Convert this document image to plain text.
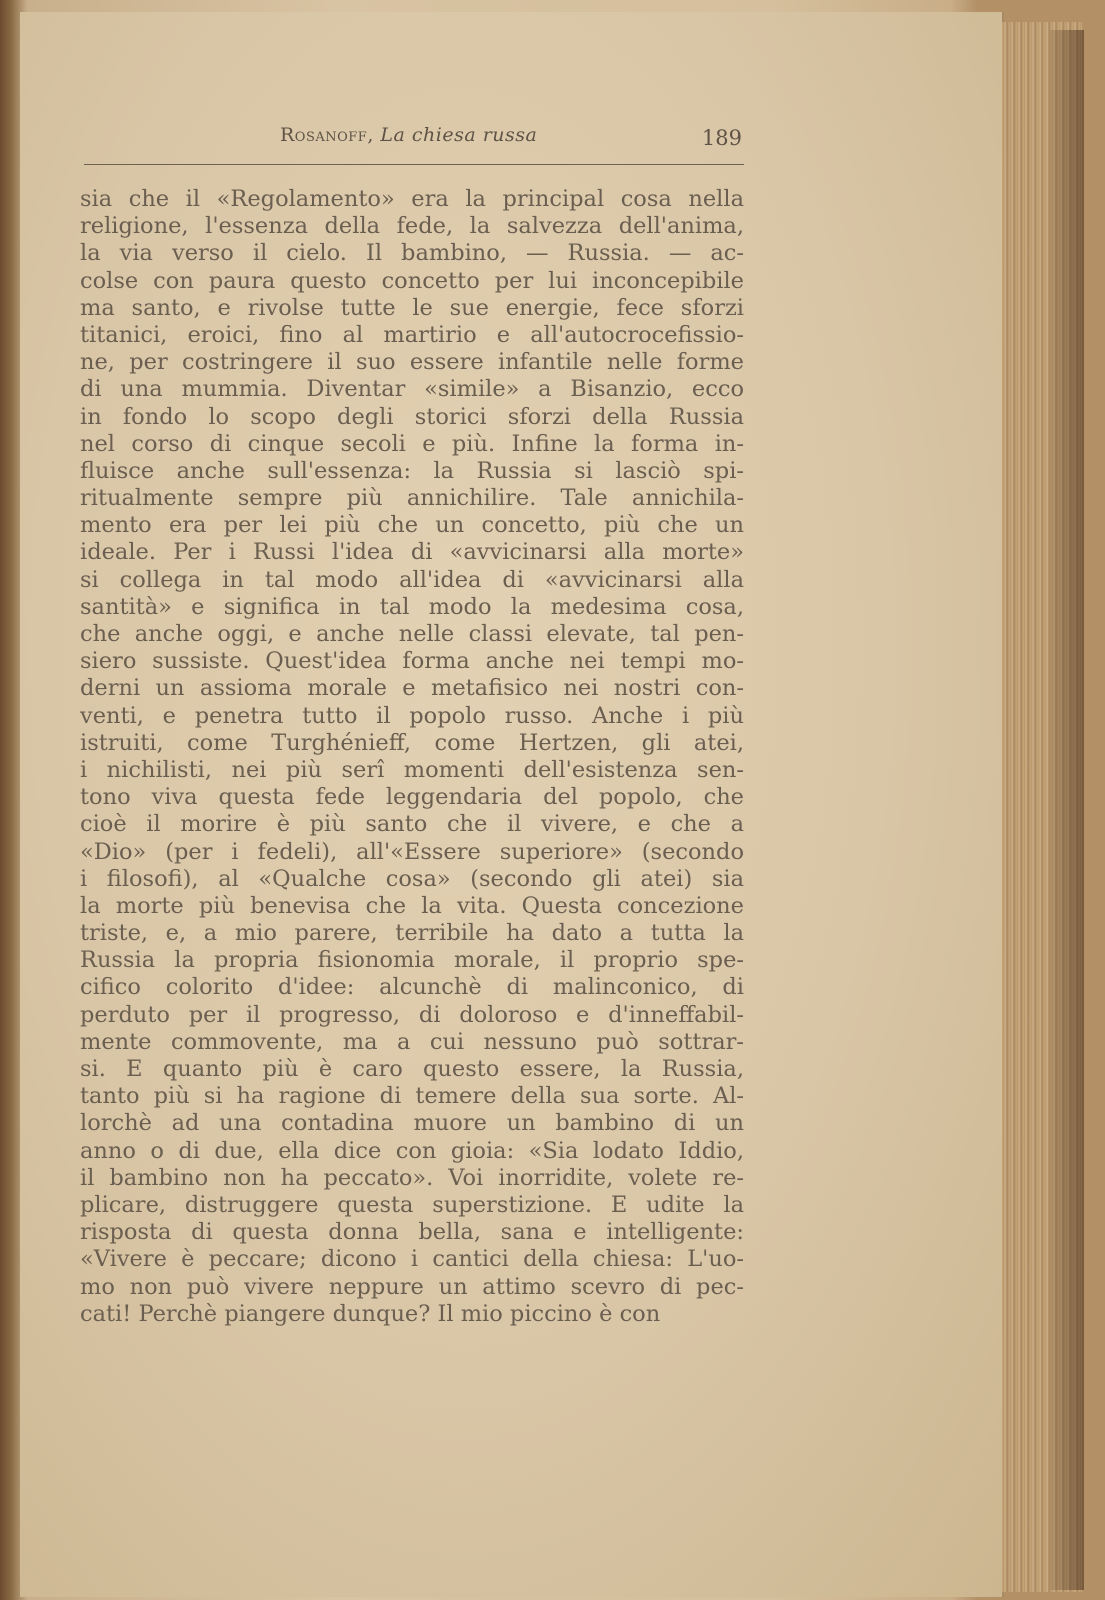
Rosanoff, La chiesa russa	189
sia che il «Regolamento» era la principal cosa nella
religione, l'essenza della fede, la salvezza dell'anima,
la via verso il cielo. Il bambino, — Russia. — ac-
colse con paura questo concetto per lui inconcepibile
ma santo, e rivolse tutte le sue energie, fece sforzi
titanici, eroici, fino al martirio e all'autocrocefissio-
ne, per costringere il suo essere infantile nelle forme
di una mummia. Diventar «simile» a Bisanzio, ecco
in fondo lo scopo degli storici sforzi della Russia
nel corso di cinque secoli e più. Infine la forma in-
fluisce anche sull'essenza: la Russia si lasciò spi-
ritualmente sempre più annichilire. Tale annichila-
mento era per lei più che un concetto, più che un
ideale. Per i Russi l'idea di «avvicinarsi alla morte»
si collega in tal modo all'idea di «avvicinarsi alla
santità» e significa in tal modo la medesima cosa,
che anche oggi, e anche nelle classi elevate, tal pen-
siero sussiste. Quest'idea forma anche nei tempi mo-
derni un assioma morale e metafisico nei nostri con-
venti, e penetra tutto il popolo russo. Anche i più
istruiti, come Turghénieff, come Hertzen, gli atei,
i nichilisti, nei più serî momenti dell'esistenza sen-
tono viva questa fede leggendaria del popolo, che
cioè il morire è più santo che il vivere, e che a
«Dio» (per i fedeli), all'«Essere superiore» (secondo
i filosofi), al «Qualche cosa» (secondo gli atei) sia
la morte più benevisa che la vita. Questa concezione
triste, e, a mio parere, terribile ha dato a tutta la
Russia la propria fisionomia morale, il proprio spe-
cifico colorito d'idee: alcunchè di malinconico, di
perduto per il progresso, di doloroso e d'inneffabil-
mente commovente, ma a cui nessuno può sottrar-
si. E quanto più è caro questo essere, la Russia,
tanto più si ha ragione di temere della sua sorte. Al-
lorchè ad una contadina muore un bambino di un
anno o di due, ella dice con gioia: «Sia lodato Iddio,
il bambino non ha peccato». Voi inorridite, volete re-
plicare, distruggere questa superstizione. E udite la
risposta di questa donna bella, sana e intelligente:
«Vivere è peccare; dicono i cantici della chiesa: L'uo-
mo non può vivere neppure un attimo scevro di pec-
cati! Perchè piangere dunque? Il mio piccino è con
